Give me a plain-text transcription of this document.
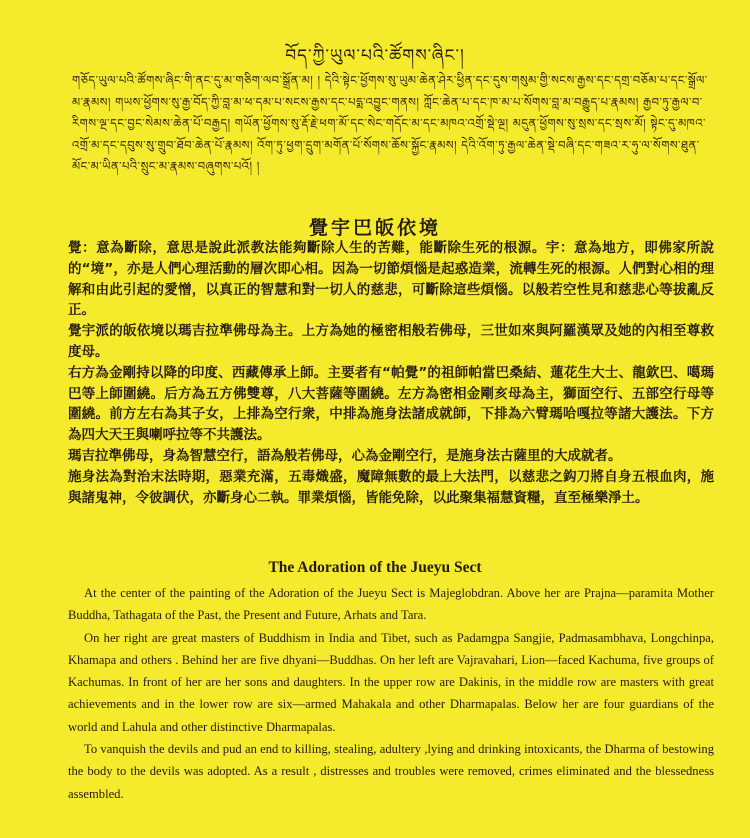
བོད་ཀྱི་ཡུལ་པའི་ཚོགས་ཞིང་།
གཅོད་ཡུལ་པའི་ཚོགས་ཞིང་གི་ནང་དུ་མ་གཅིག་ལབ་སྒྲོན་མ། ། དེའི་སྟེང་ཕྱོགས་སུ་ཡུམ་ཆེན་ཤེར་ཕྱིན་དང་དུས་གསུམ་གྱི་སངས་རྒྱས་དང་དགྲ་བཅོམ་པ་དང་སྒྲོལ་མ་རྣམས། གཡས་ཕྱོགས་སུ་རྒྱ་བོད་ཀྱི་བླ་མ་ཕ་དམ་པ་སངས་རྒྱས་དང་པདྨ་འབྱུང་གནས། ཀློང་ཆེན་པ་དང་ཁ་མ་པ་སོགས་བླ་མ་བརྒྱུད་པ་རྣམས། རྒྱབ་ཏུ་རྒྱལ་བ་རིགས་ལྔ་དང་བྱང་སེམས་ཆེན་པོ་བརྒྱད། གཡོན་ཕྱོགས་སུ་རྡོ་རྗེ་ཕག་མོ་དང་སེང་གདོང་མ་དང་མཁའ་འགྲོ་སྡེ་ལྔ། མདུན་ཕྱོགས་སུ་སྲས་དང་སྲས་མོ། སྟེང་དུ་མཁའ་འགྲོ་མ་དང་དབུས་སུ་གྲུབ་ཐོབ་ཆེན་པོ་རྣམས། འོག་ཏུ་ཕྱག་དྲུག་མགོན་པོ་སོགས་ཆོས་སྐྱོང་རྣམས། དེའི་འོག་ཏུ་རྒྱལ་ཆེན་སྡེ་བཞི་དང་གཟའ་ར་ཧུ་ལ་སོགས་ཐུན་མོང་མ་ཡིན་པའི་སྲུང་མ་རྣམས་བཞུགས་པའོ། །
覺宇巴皈依境

覺：意為斷除，意思是說此派教法能夠斷除人生的苦難，能斷除生死的根源。宇：意為地方，即佛家所說的“境”，亦是人們心理活動的層次即心相。因為一切節煩惱是起惑造業，流轉生死的根源。人們對心相的理解和由此引起的愛憎，以真正的智慧和對一切人的慈悲，可斷除這些煩惱。以般若空性見和慈悲心等拔亂反正。

覺宇派的皈依境以瑪吉拉準佛母為主。上方為她的極密相般若佛母，三世如來與阿羅漢眾及她的內相至尊救度母。

右方為金剛持以降的印度、西藏傳承上師。主要者有“帕覺”的祖師帕當巴桑結、蓮花生大士、龍欽巴、噶瑪巴等上師圍繞。后方為五方佛雙尊，八大菩薩等圍繞。左方為密相金剛亥母為主，獅面空行、五部空行母等圍繞。前方左右為其子女，上排為空行衆，中排為施身法諸成就師，下排為六臂瑪哈嘎拉等諸大護法。下方為四大天王與喇呼拉等不共護法。

瑪吉拉準佛母，身為智慧空行，語為般若佛母，心為金剛空行，是施身法古薩里的大成就者。

施身法為對治末法時期，惡業充滿，五毒熾盛，魔障無數的最上大法門，以慈悲之鈎刀將自身五根血肉，施與諸鬼神，令彼調伏，亦斷身心二執。罪業煩惱，皆能免除，以此聚集福慧資糧，直至極樂淨土。

The Adoration of the Jueyu Sect

At the center of the painting of the Adoration of the Jueyu Sect is Majeglobdran. Above her are Prajna—paramita Mother Buddha, Tathagata of the Past, the Present and Future, Arhats and Tara.

On her right are great masters of Buddhism in India and Tibet, such as Padamgpa Sangjie, Padmasambhava, Longchinpa, Khamapa and others . Behind her are five dhyani—Buddhas. On her left are Vajravahari, Lion—faced Kachuma, five groups of Kachumas. In front of her are her sons and daughters. In the upper row are Dakinis, in the middle row are masters with great achievements and in the lower row are six—armed Mahakala and other Dharmapalas. Below her are four guardians of the world and Lahula and other distinctive Dharmapalas.

To vanquish the devils and pud an end to killing, stealing, adultery ,lying and drinking intoxicants, the Dharma of bestowing the body to the devils was adopted. As a result , distresses and troubles were removed, crimes eliminated and the blessedness assembled.
